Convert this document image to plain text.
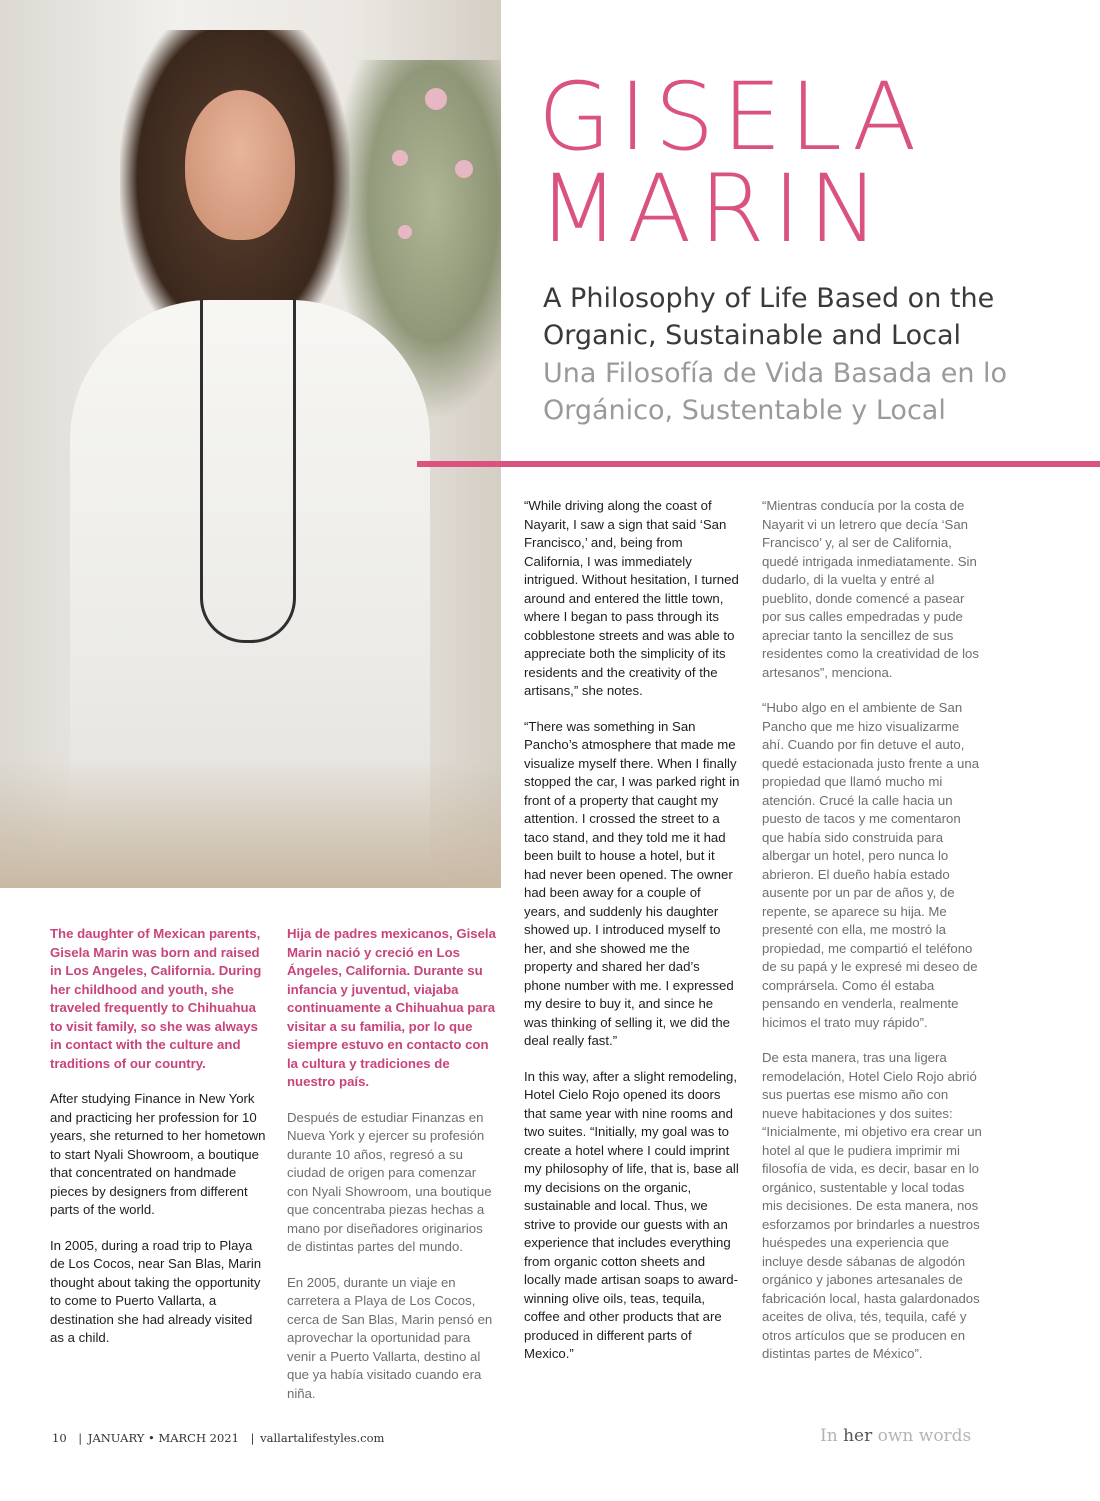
GISELA
MARIN

A Philosophy of Life Based on the Organic, Sustainable and Local

Una Filosofía de Vida Basada en lo Orgánico, Sustentable y Local

The daughter of Mexican parents, Gisela Marin was born and raised in Los Angeles, California. During her childhood and youth, she traveled frequently to Chihuahua to visit family, so she was always in contact with the culture and traditions of our country.

After studying Finance in New York and practicing her profession for 10 years, she returned to her hometown to start Nyali Showroom, a boutique that concentrated on handmade pieces by designers from different parts of the world.

In 2005, during a road trip to Playa de Los Cocos, near San Blas, Marin thought about taking the opportunity to come to Puerto Vallarta, a destination she had already visited as a child.

Hija de padres mexicanos, Gisela Marin nació y creció en Los Ángeles, California. Durante su infancia y juventud, viajaba continuamente a Chihuahua para visitar a su familia, por lo que siempre estuvo en contacto con la cultura y tradiciones de nuestro país.

Después de estudiar Finanzas en Nueva York y ejercer su profesión durante 10 años, regresó a su ciudad de origen para comenzar con Nyali Showroom, una boutique que concentraba piezas hechas a mano por diseñadores originarios de distintas partes del mundo.

En 2005, durante un viaje en carretera a Playa de Los Cocos, cerca de San Blas, Marin pensó en aprovechar la oportunidad para venir a Puerto Vallarta, destino al que ya había visitado cuando era niña.

“While driving along the coast of Nayarit, I saw a sign that said ‘San Francisco,’ and, being from California, I was immediately intrigued. Without hesitation, I turned around and entered the little town, where I began to pass through its cobblestone streets and was able to appreciate both the simplicity of its residents and the creativity of the artisans,” she notes.

“There was something in San Pancho’s atmosphere that made me visualize myself there. When I finally stopped the car, I was parked right in front of a property that caught my attention. I crossed the street to a taco stand, and they told me it had been built to house a hotel, but it had never been opened. The owner had been away for a couple of years, and suddenly his daughter showed up. I introduced myself to her, and she showed me the property and shared her dad’s phone number with me. I expressed my desire to buy it, and since he was thinking of selling it, we did the deal really fast.”

In this way, after a slight remodeling, Hotel Cielo Rojo opened its doors that same year with nine rooms and two suites. “Initially, my goal was to create a hotel where I could imprint my philosophy of life, that is, base all my decisions on the organic, sustainable and local. Thus, we strive to provide our guests with an experience that includes everything from organic cotton sheets and locally made artisan soaps to award-winning olive oils, teas, tequila, coffee and other products that are produced in different parts of Mexico.”

“Mientras conducía por la costa de Nayarit vi un letrero que decía ‘San Francisco’ y, al ser de California, quedé intrigada inmediatamente. Sin dudarlo, di la vuelta y entré al pueblito, donde comencé a pasear por sus calles empedradas y pude apreciar tanto la sencillez de sus residentes como la creatividad de los artesanos”, menciona.

“Hubo algo en el ambiente de San Pancho que me hizo visualizarme ahí. Cuando por fin detuve el auto, quedé estacionada justo frente a una propiedad que llamó mucho mi atención. Crucé la calle hacia un puesto de tacos y me comentaron que había sido construida para albergar un hotel, pero nunca lo abrieron. El dueño había estado ausente por un par de años y, de repente, se aparece su hija. Me presenté con ella, me mostró la propiedad, me compartió el teléfono de su papá y le expresé mi deseo de comprársela. Como él estaba pensando en venderla, realmente hicimos el trato muy rápido”.

De esta manera, tras una ligera remodelación, Hotel Cielo Rojo abrió sus puertas ese mismo año con nueve habitaciones y dos suites: “Inicialmente, mi objetivo era crear un hotel al que le pudiera imprimir mi filosofía de vida, es decir, basar en lo orgánico, sustentable y local todas mis decisiones. De esta manera, nos esforzamos por brindarles a nuestros huéspedes una experiencia que incluye desde sábanas de algodón orgánico y jabones artesanales de fabricación local, hasta galardonados aceites de oliva, tés, tequila, café y otros artículos que se producen en distintas partes de México”.

10 | JANUARY • MARCH 2021 | vallartalifestyles.com	In her own words
